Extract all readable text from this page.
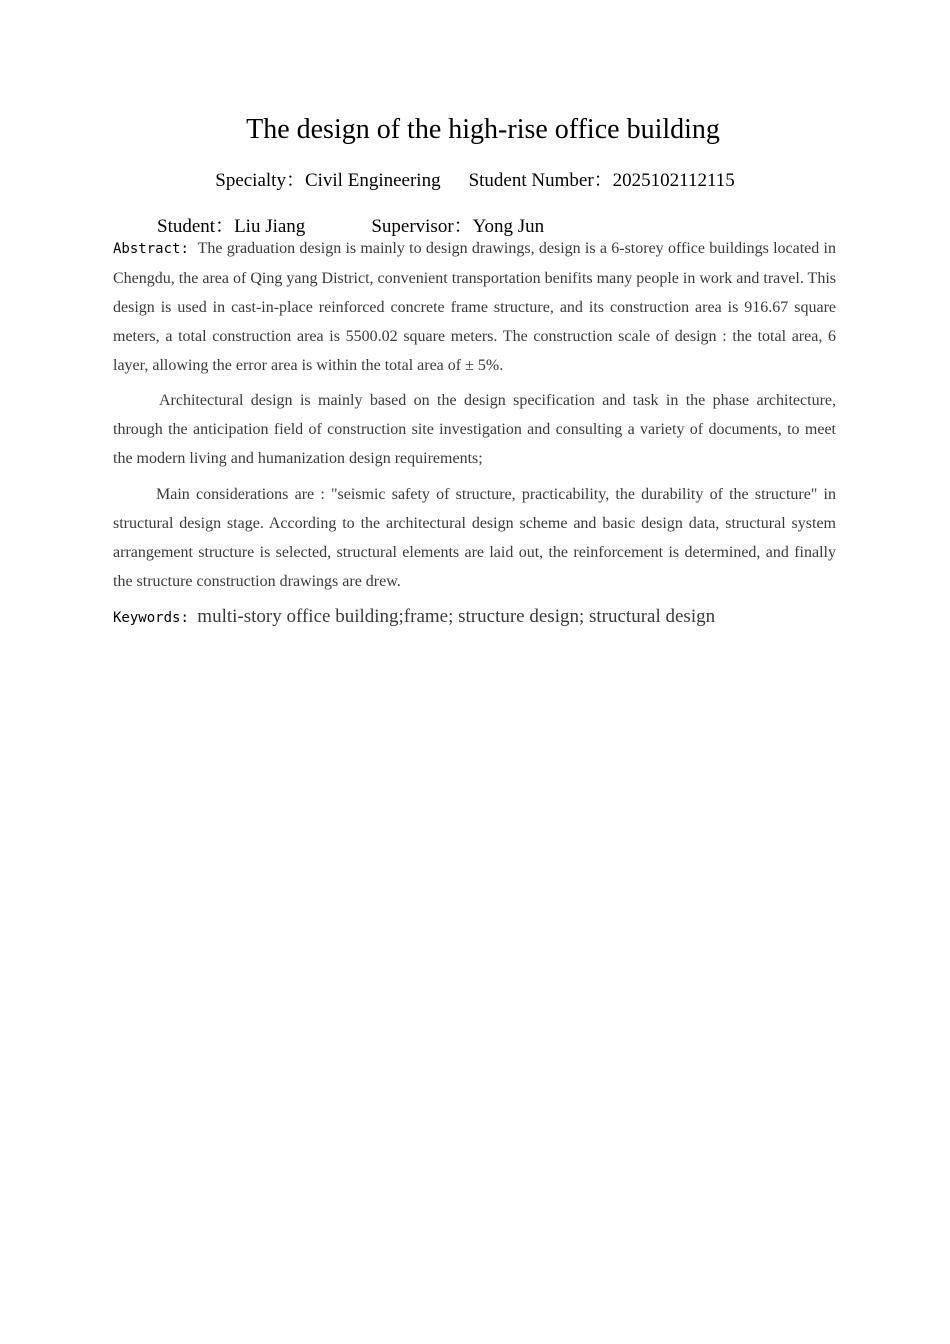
The design of the high-rise office building
Specialty：Civil Engineering Student Number：2025102112115
Student：Liu Jiang	Supervisor：Yong Jun

Abstract: The graduation design is mainly to design drawings, design is a 6-storey office buildings located in Chengdu, the area of Qing yang District, convenient transportation benifits many people in work and travel. This design is used in cast-in-place reinforced concrete frame structure, and its construction area is 916.67 square meters, a total construction area is 5500.02 square meters. The construction scale of design : the total area, 6 layer, allowing the error area is within the total area of ± 5%.

Architectural design is mainly based on the design specification and task in the phase architecture, through the anticipation field of construction site investigation and consulting a variety of documents, to meet the modern living and humanization design requirements;

Main considerations are : "seismic safety of structure, practicability, the durability of the structure" in structural design stage. According to the architectural design scheme and basic design data, structural system arrangement structure is selected, structural elements are laid out, the reinforcement is determined, and finally the structure construction drawings are drew.

Keywords: multi-story office building;frame; structure design; structural design
